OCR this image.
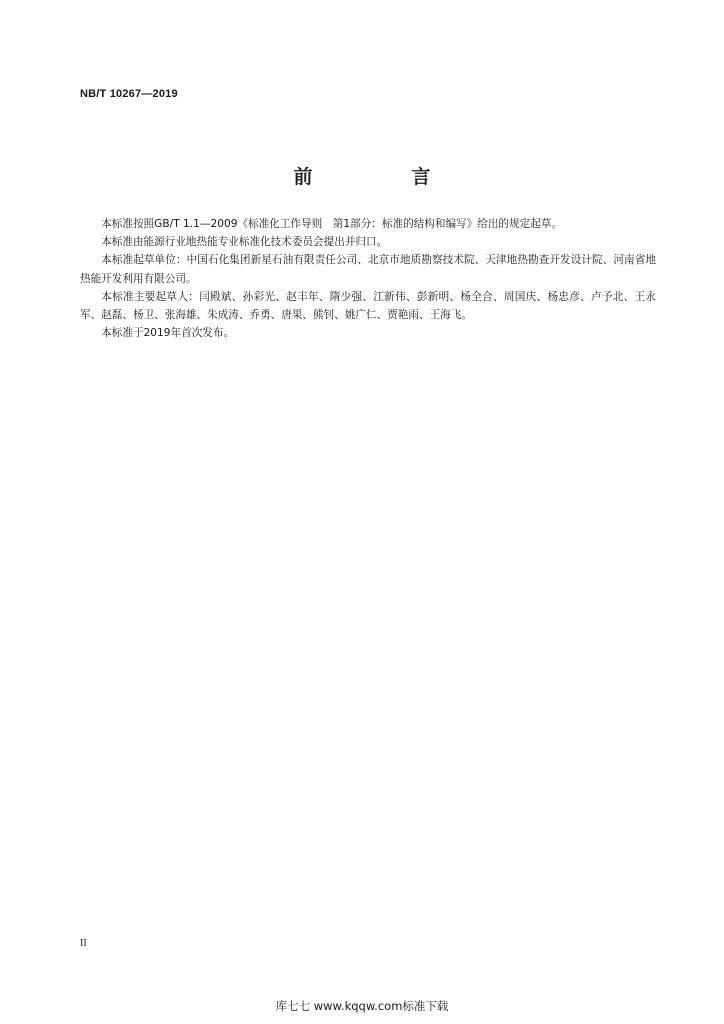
NB/T 10267—2019
前　言

本标准按照GB/T 1.1—2009《标准化工作导则　第1部分：标准的结构和编写》给出的规定起草。

本标准由能源行业地热能专业标准化技术委员会提出并归口。

本标准起草单位：中国石化集团新星石油有限责任公司、北京市地质勘察技术院、天津地热勘查开发设计院、河南省地热能开发利用有限公司。

本标准主要起草人：闫殿斌、孙彩光、赵丰年、隋少强、江新伟、彭新明、杨全合、周国庆、杨忠彦、卢予北、王永军、赵磊、杨卫、张海雄、朱成涛、乔勇、唐果、熊钊、姚广仁、贾艳雨、王海飞。

本标准于2019年首次发布。

II
库七七 www.kqqw.com标准下载
